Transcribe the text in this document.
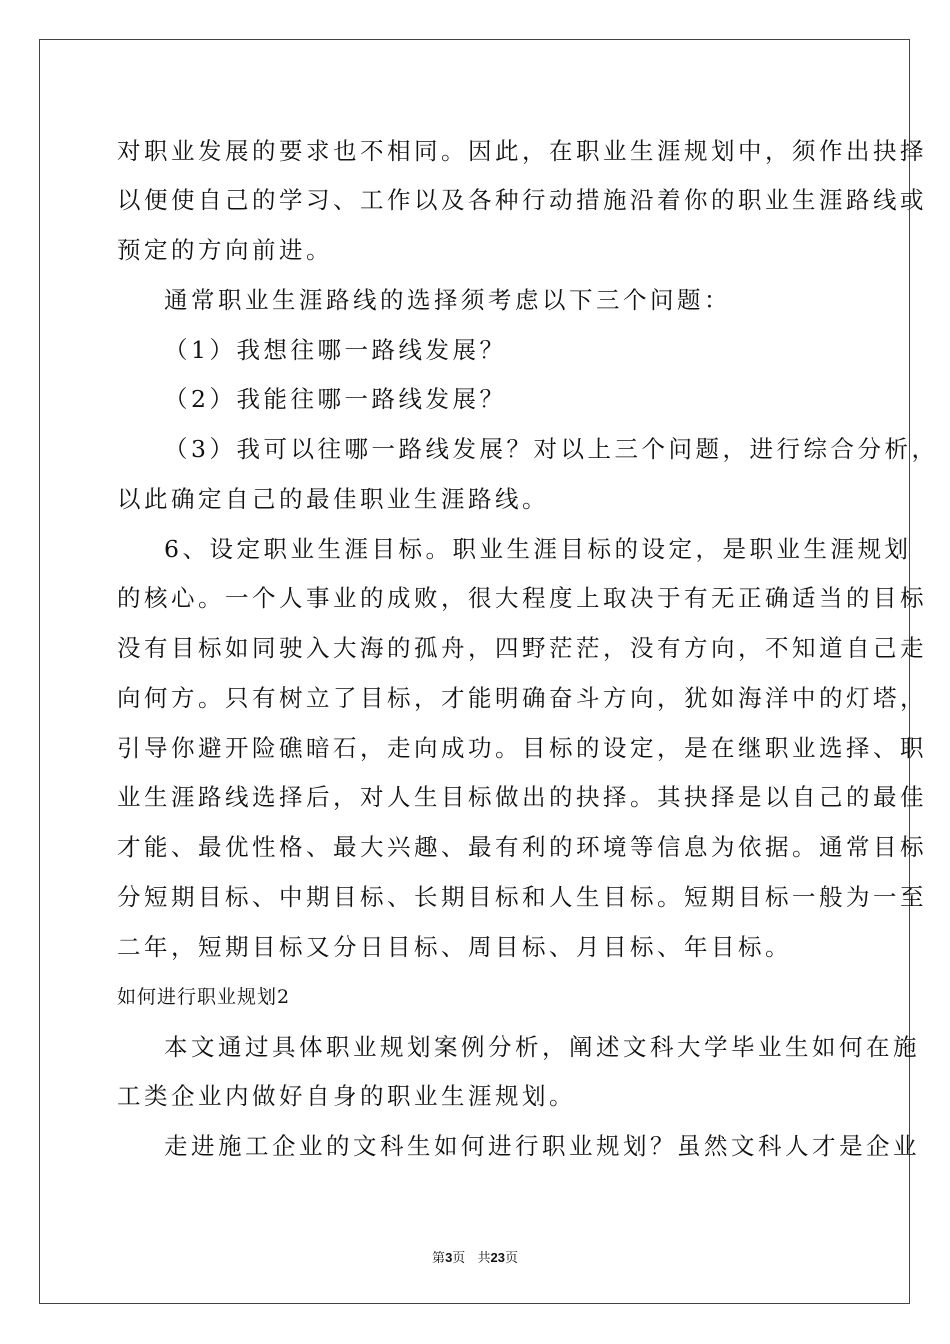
对职业发展的要求也不相同。因此，在职业生涯规划中，须作出抉择
以便使自己的学习、工作以及各种行动措施沿着你的职业生涯路线或
预定的方向前进。
通常职业生涯路线的选择须考虑以下三个问题：
（1）我想往哪一路线发展？
（2）我能往哪一路线发展？
（3）我可以往哪一路线发展？对以上三个问题，进行综合分析，
以此确定自己的最佳职业生涯路线。
6、设定职业生涯目标。职业生涯目标的设定，是职业生涯规划
的核心。一个人事业的成败，很大程度上取决于有无正确适当的目标
没有目标如同驶入大海的孤舟，四野茫茫，没有方向，不知道自己走
向何方。只有树立了目标，才能明确奋斗方向，犹如海洋中的灯塔，
引导你避开险礁暗石，走向成功。目标的设定，是在继职业选择、职
业生涯路线选择后，对人生目标做出的抉择。其抉择是以自己的最佳
才能、最优性格、最大兴趣、最有利的环境等信息为依据。通常目标
分短期目标、中期目标、长期目标和人生目标。短期目标一般为一至
二年，短期目标又分日目标、周目标、月目标、年目标。
如何进行职业规划2
本文通过具体职业规划案例分析，阐述文科大学毕业生如何在施
工类企业内做好自身的职业生涯规划。
走进施工企业的文科生如何进行职业规划？虽然文科人才是企业
第3页 共23页
